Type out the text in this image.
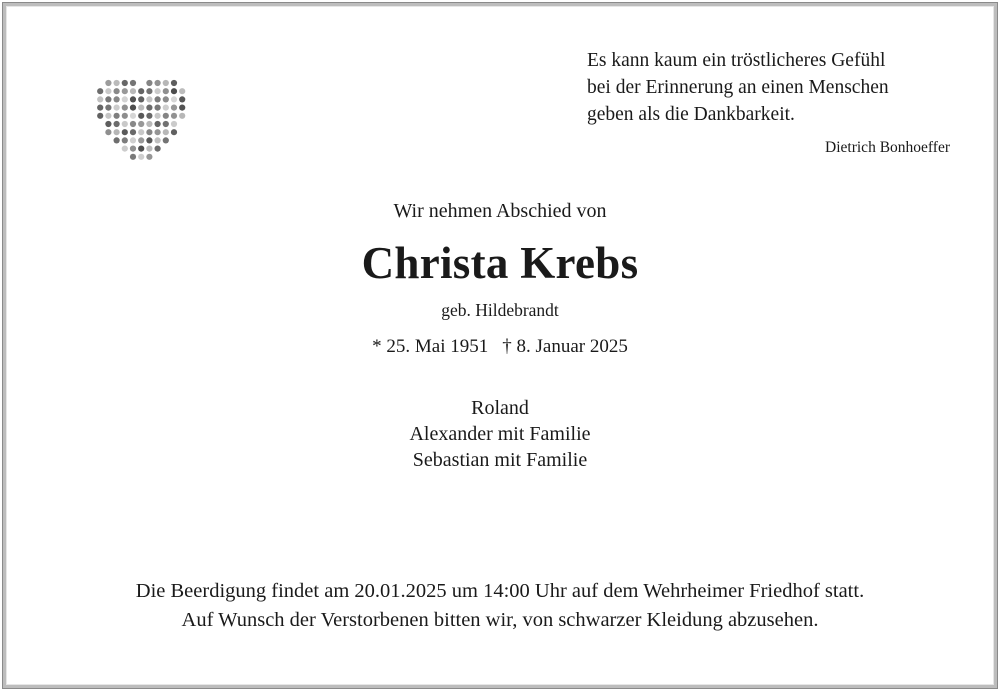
Es kann kaum ein tröstlicheres Gefühl
bei der Erinnerung an einen Menschen
geben als die Dankbarkeit.
Dietrich Bonhoeffer
Wir nehmen Abschied von
Christa Krebs
geb. Hildebrandt
* 25. Mai 1951 † 8. Januar 2025
Roland
Alexander mit Familie
Sebastian mit Familie
Die Beerdigung findet am 20.01.2025 um 14:00 Uhr auf dem Wehrheimer Friedhof statt.
Auf Wunsch der Verstorbenen bitten wir, von schwarzer Kleidung abzusehen.
